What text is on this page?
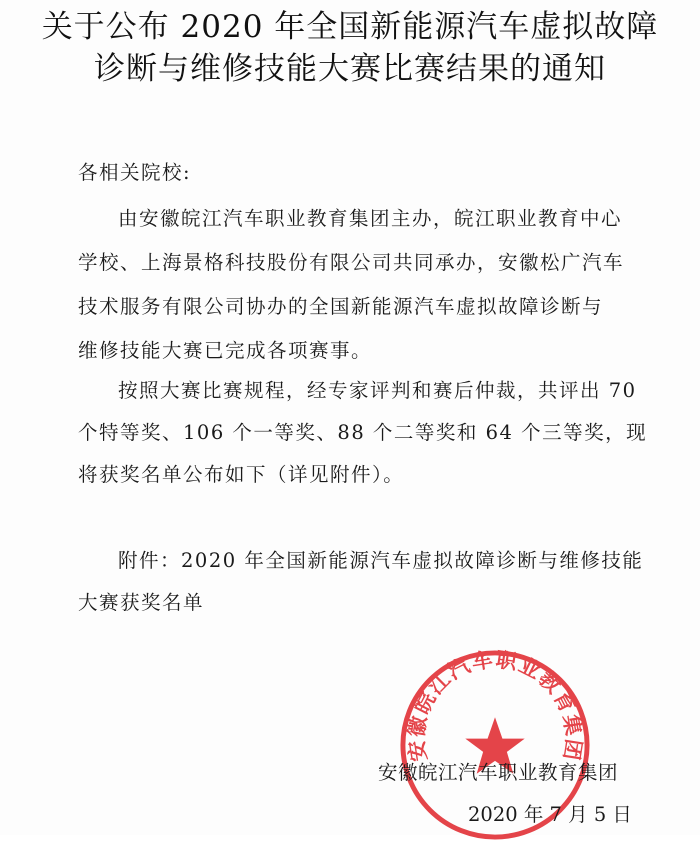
关于公布 2020 年全国新能源汽车虚拟故障
诊断与维修技能大赛比赛结果的通知
各相关院校:
由安徽皖江汽车职业教育集团主办，皖江职业教育中心
学校、上海景格科技股份有限公司共同承办，安徽松广汽车
技术服务有限公司协办的全国新能源汽车虚拟故障诊断与
维修技能大赛已完成各项赛事。
按照大赛比赛规程，经专家评判和赛后仲裁，共评出 70
个特等奖、106 个一等奖、88 个二等奖和 64 个三等奖，现
将获奖名单公布如下（详见附件）。
附件：2020 年全国新能源汽车虚拟故障诊断与维修技能
大赛获奖名单
安徽皖江汽车职业教育集团
安徽皖江汽车职业教育集团
2020 年 7 月 5 日
